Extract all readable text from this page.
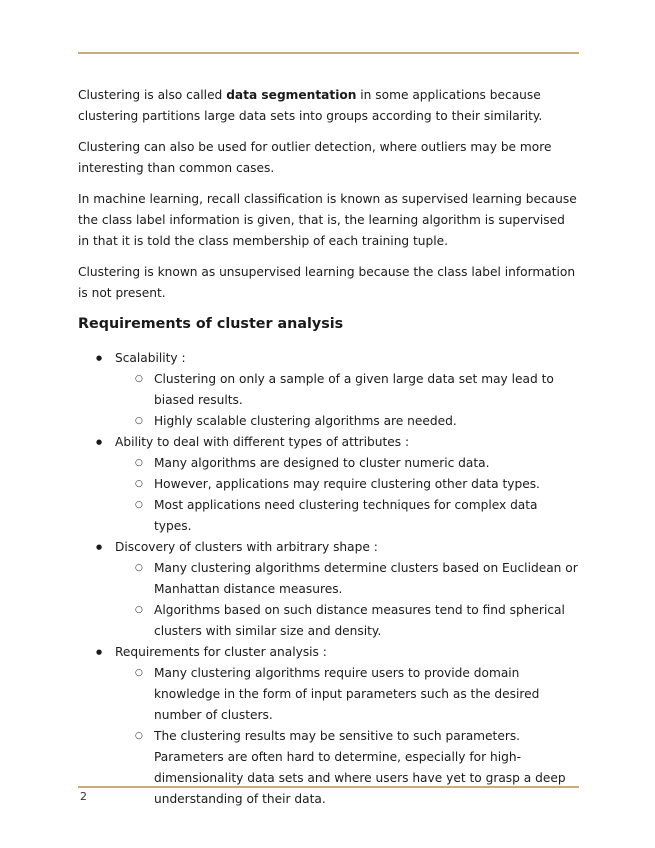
Clustering is also called data segmentation in some applications because clustering partitions large data sets into groups according to their similarity.

Clustering can also be used for outlier detection, where outliers may be more interesting than common cases.

In machine learning, recall classification is known as supervised learning because the class label information is given, that is, the learning algorithm is supervised in that it is told the class membership of each training tuple.

Clustering is known as unsupervised learning because the class label information is not present.

Requirements of cluster analysis
● Scalability :
○ Clustering on only a sample of a given large data set may lead to biased results.
○ Highly scalable clustering algorithms are needed.
● Ability to deal with different types of attributes :
○ Many algorithms are designed to cluster numeric data.
○ However, applications may require clustering other data types.
○ Most applications need clustering techniques for complex data types.
● Discovery of clusters with arbitrary shape :
○ Many clustering algorithms determine clusters based on Euclidean or Manhattan distance measures.
○ Algorithms based on such distance measures tend to find spherical clusters with similar size and density.
● Requirements for cluster analysis :
○ Many clustering algorithms require users to provide domain knowledge in the form of input parameters such as the desired number of clusters.
○ The clustering results may be sensitive to such parameters. Parameters are often hard to determine, especially for high-dimensionality data sets and where users have yet to grasp a deep understanding of their data.
2
